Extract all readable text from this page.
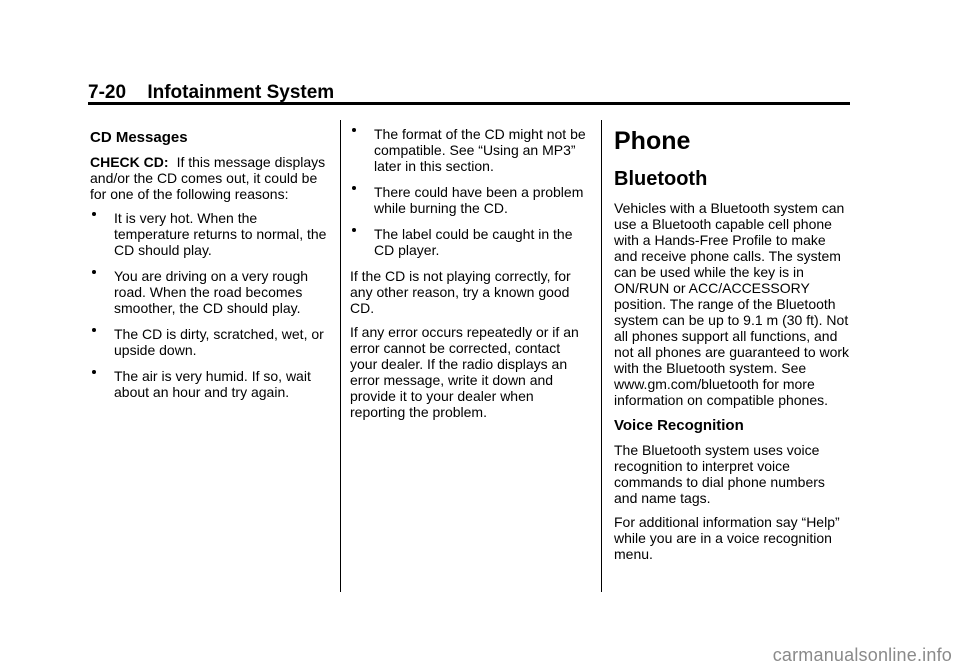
7-20 Infotainment System
CD Messages

CHECK CD: If this message displays and/or the CD comes out, it could be for one of the following reasons:

It is very hot. When the temperature returns to normal, the CD should play.
You are driving on a very rough road. When the road becomes smoother, the CD should play.
The CD is dirty, scratched, wet, or upside down.
The air is very humid. If so, wait about an hour and try again.
The format of the CD might not be compatible. See “Using an MP3” later in this section.
There could have been a problem while burning the CD.
The label could be caught in the CD player.

If the CD is not playing correctly, for any other reason, try a known good CD.

If any error occurs repeatedly or if an error cannot be corrected, contact your dealer. If the radio displays an error message, write it down and provide it to your dealer when reporting the problem.

Phone
Bluetooth

Vehicles with a Bluetooth system can use a Bluetooth capable cell phone with a Hands-Free Profile to make and receive phone calls. The system can be used while the key is in ON/RUN or ACC/ACCESSORY position. The range of the Bluetooth system can be up to 9.1 m (30 ft). Not all phones support all functions, and not all phones are guaranteed to work with the Bluetooth system. See www.gm.com/bluetooth for more information on compatible phones.

Voice Recognition

The Bluetooth system uses voice recognition to interpret voice commands to dial phone numbers and name tags.

For additional information say “Help” while you are in a voice recognition menu.

carmanualsonline.info
